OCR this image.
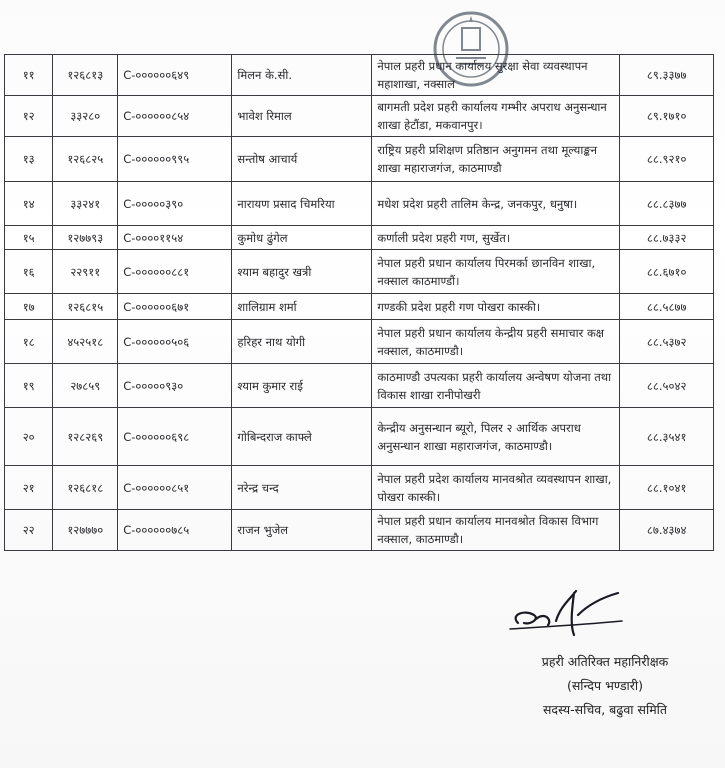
११	१२६८१३	C-००००००६४९	मिलन के.सी.	नेपाल प्रहरी प्रधान कार्यालय सुरक्षा सेवा व्यवस्थापन महाशाखा, नक्साल	८९.३३७७
१२	३३२८०	C-००००००८५४	भावेश रिमाल	बागमती प्रदेश प्रहरी कार्यालय गम्भीर अपराध अनुसन्धान शाखा हेटौंडा, मकवानपुर।	८९.१७१०
१३	१२६८२५	C-००००००९९५	सन्तोष आचार्य	राष्ट्रिय प्रहरी प्रशिक्षण प्रतिष्ठान अनुगमन तथा मूल्याङ्कन शाखा महाराजगंज, काठमाण्डौ	८८.९२१०
१४	३३२४१	C-०००००३९०	नारायण प्रसाद चिमरिया	मधेश प्रदेश प्रहरी तालिम केन्द्र, जनकपुर, धनुषा।	८८.८३७७
१५	१२७७९३	C-००००११५४	कुमोध ढुंगेल	कर्णाली प्रदेश प्रहरी गण, सुर्खेत।	८८.७३३२
१६	२२९११	C-००००००८८१	श्याम बहादुर खत्री	नेपाल प्रहरी प्रधान कार्यालय पिरमर्का छानविन शाखा, नक्साल काठमाण्डौं।	८८.६७१०
१७	१२६८१५	C-००००००६७१	शालिग्राम शर्मा	गण्डकी प्रदेश प्रहरी गण पोखरा कास्की।	८८.५८७७
१८	४५२५१८	C-००००००५०६	हरिहर नाथ योगी	नेपाल प्रहरी प्रधान कार्यालय केन्द्रीय प्रहरी समाचार कक्ष नक्साल, काठमाण्डौ।	८८.५३७२
१९	२७८५९	C-०००००९३०	श्याम कुमार राई	काठमाण्डौ उपत्यका प्रहरी कार्यालय अन्वेषण योजना तथा विकास शाखा रानीपोखरी	८८.५०४२
२०	१२८२६९	C-००००००६९८	गोबिन्दराज काफ्ले	केन्द्रीय अनुसन्धान ब्यूरो, पिलर २ आर्थिक अपराध अनुसन्धान शाखा महाराजगंज, काठमाण्डौ।	८८.३५४१
२१	१२६८१८	C-००००००८५१	नरेन्द्र चन्द	नेपाल प्रहरी प्रदेश कार्यालय मानवश्रोत व्यवस्थापन शाखा, पोखरा कास्की।	८८.१०४१
२२	१२७७७०	C-००००००७८५	राजन भुजेल	नेपाल प्रहरी प्रधान कार्यालय मानवश्रोत विकास विभाग नक्साल, काठमाण्डौ।	८७.४३७४
प्रहरी अतिरिक्त महानिरीक्षक
(सन्दिप भण्डारी)
सदस्य-सचिव, बढुवा समिति
